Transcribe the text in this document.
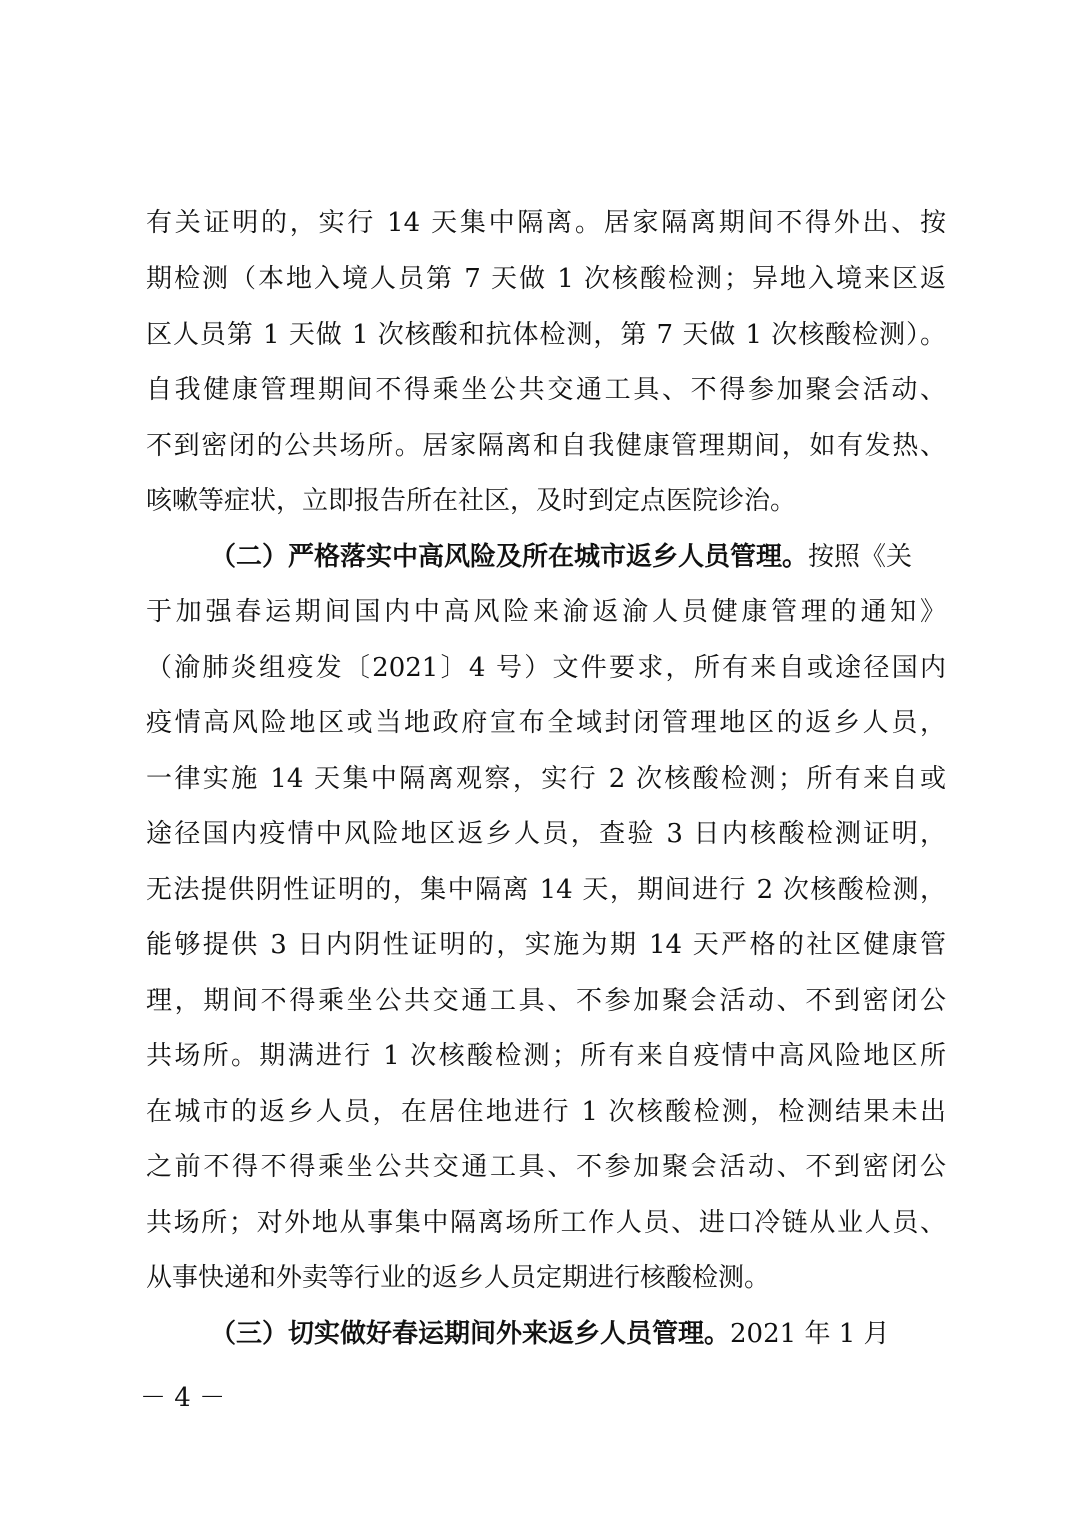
有关证明的，实行 14 天集中隔离。居家隔离期间不得外出、按
期检测（本地入境人员第 7 天做 1 次核酸检测；异地入境来区返
区人员第 1 天做 1 次核酸和抗体检测，第 7 天做 1 次核酸检测）。
自我健康管理期间不得乘坐公共交通工具、不得参加聚会活动、
不到密闭的公共场所。居家隔离和自我健康管理期间，如有发热、
咳嗽等症状，立即报告所在社区，及时到定点医院诊治。
（二）严格落实中高风险及所在城市返乡人员管理。按照《关
于加强春运期间国内中高风险来渝返渝人员健康管理的通知》
（渝肺炎组疫发〔2021〕4 号）文件要求，所有来自或途径国内
疫情高风险地区或当地政府宣布全域封闭管理地区的返乡人员，
一律实施 14 天集中隔离观察，实行 2 次核酸检测；所有来自或
途径国内疫情中风险地区返乡人员，查验 3 日内核酸检测证明，
无法提供阴性证明的，集中隔离 14 天，期间进行 2 次核酸检测，
能够提供 3 日内阴性证明的，实施为期 14 天严格的社区健康管
理，期间不得乘坐公共交通工具、不参加聚会活动、不到密闭公
共场所。期满进行 1 次核酸检测；所有来自疫情中高风险地区所
在城市的返乡人员，在居住地进行 1 次核酸检测，检测结果未出
之前不得不得乘坐公共交通工具、不参加聚会活动、不到密闭公
共场所；对外地从事集中隔离场所工作人员、进口冷链从业人员、
从事快递和外卖等行业的返乡人员定期进行核酸检测。
（三）切实做好春运期间外来返乡人员管理。2021 年 1 月
－ 4 －
